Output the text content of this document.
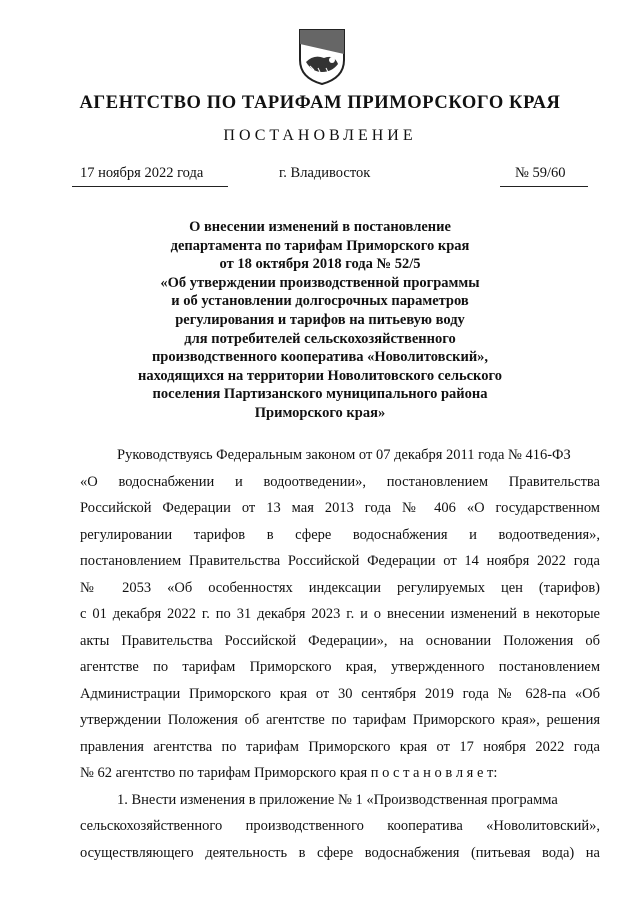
АГЕНТСТВО ПО ТАРИФАМ ПРИМОРСКОГО КРАЯ
ПОСТАНОВЛЕНИЕ
17 ноября 2022 года	г. Владивосток	№ 59/60
О внесении изменений в постановление
департамента по тарифам Приморского края
от 18 октября 2018 года № 52/5
«Об утверждении производственной программы
и об установлении долгосрочных параметров
регулирования и тарифов на питьевую воду
для потребителей сельскохозяйственного
производственного кооператива «Новолитовский»,
находящихся на территории Новолитовского сельского
поселения Партизанского муниципального района
Приморского края»
Руководствуясь Федеральным законом от 07 декабря 2011 года № 416-ФЗ
«О водоснабжении и водоотведении», постановлением Правительства
Российской Федерации от 13 мая 2013 года № 406 «О государственном
регулировании тарифов в сфере водоснабжения и водоотведения»,
постановлением Правительства Российской Федерации от 14 ноября 2022 года
№ 2053 «Об особенностях индексации регулируемых цен (тарифов)
с 01 декабря 2022 г. по 31 декабря 2023 г. и о внесении изменений в некоторые
акты Правительства Российской Федерации», на основании Положения об
агентстве по тарифам Приморского края, утвержденного постановлением
Администрации Приморского края от 30 сентября 2019 года № 628-па «Об
утверждении Положения об агентстве по тарифам Приморского края», решения
правления агентства по тарифам Приморского края от 17 ноября 2022 года
№ 62 агентство по тарифам Приморского края п о с т а н о в л я е т:
1. Внести изменения в приложение № 1 «Производственная программа
сельскохозяйственного производственного кооператива «Новолитовский»,
осуществляющего деятельность в сфере водоснабжения (питьевая вода) на
